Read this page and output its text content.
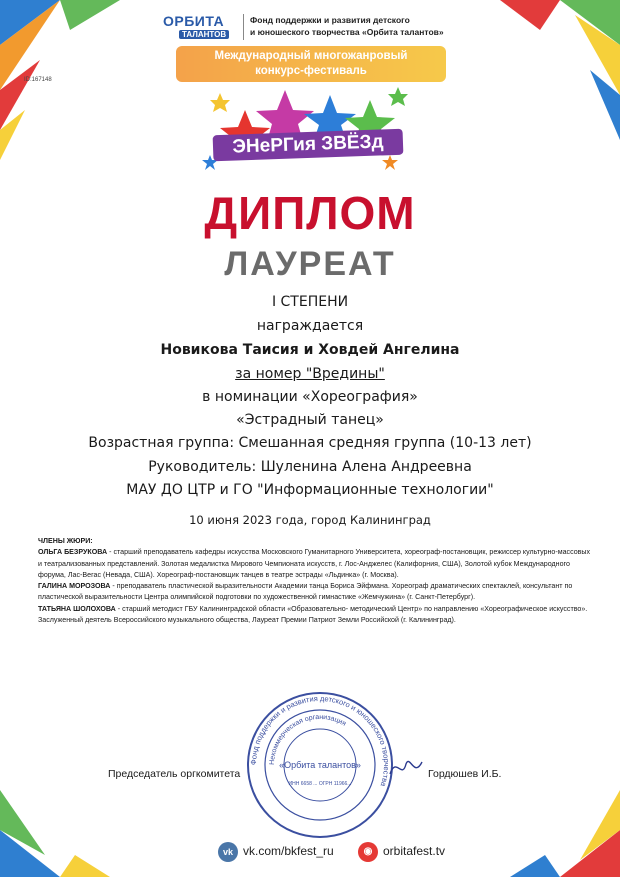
ОРБИТА
ТАЛАНТОВ
Фонд поддержки и развития детского
и юношеского творчества «Орбита талантов»
Международный многожанровый
конкурс-фестиваль
ID:167148
ЭНеРГия ЗВЁЗд
ДИПЛОМ
ЛАУРЕАТ
I СТЕПЕНИ
награждается
Новикова Таисия и Ховдей Ангелина
за номер "Вредины"
в номинации «Хореография»
«Эстрадный танец»
Возрастная группа: Смешанная средняя группа (10-13 лет)
Руководитель: Шуленина Алена Андреевна
МАУ ДО ЦТР и ГО "Информационные технологии"
10 июня 2023 года, город Калининград

ЧЛЕНЫ ЖЮРИ:

ОЛЬГА БЕЗРУКОВА - старший преподаватель кафедры искусства Московского Гуманитарного Университета, хореограф-постановщик, режиссер культурно-массовых и театрализованных представлений. Золотая медалистка Мирового Чемпионата искусств, г. Лос-Анджелес (Калифорния, США), Золотой кубок Международного форума, Лас-Вегас (Невада, США). Хореограф-постановщик танцев в театре эстрады «Льдинка» (г. Москва).

ГАЛИНА МОРОЗОВА - преподаватель пластической выразительности Академии танца Бориса Эйфмана. Хореограф драматических спектаклей, консультант по пластической выразительности Центра олимпийской подготовки по художественной гимнастике «Жемчужина» (г. Санкт-Петербург).

ТАТЬЯНА ШОЛОХОВА - старший методист ГБУ Калининградской области «Образовательно- методический Центр» по направлению «Хореографическое искусство». Заслуженный деятель Всероссийского музыкального общества, Лауреат Премии Патриот Земли Российской (г. Калининград).

Фонд поддержки и развития детского и юношеского творчества
Некоммерческая организация
«Орбита талантов»
ИНН 6658 ... ОГРН 11966...
Председатель оргкомитета	Гордюшев И.Б.
vk vk.com/bkfest_ru	◉ orbitafest.tv
